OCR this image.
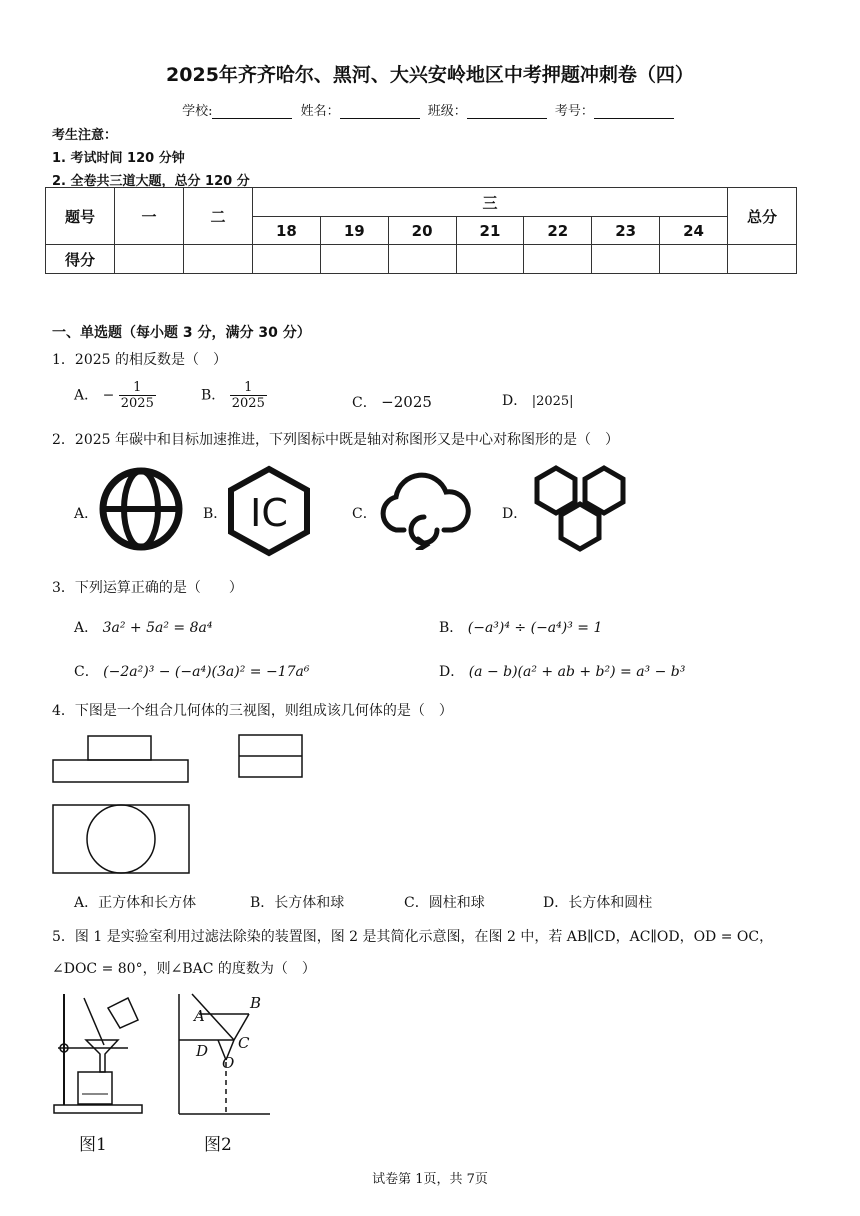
2025年齐齐哈尔、黑河、大兴安岭地区中考押题冲刺卷（四）
学校:	姓名：	班级：	考号：
考生注意：
1. 考试时间 120 分钟
2. 全卷共三道大题，总分 120 分
题号	一	二	三							总分
			18	19	20	21	22	23	24	
得分										
一、单选题（每小题 3 分，满分 30 分）
1．2025 的相反数是（　）
A． − $\frac{1}{2025}$	B． $\frac{1}{2025}$	C． −2025	D． |2025|
2．2025 年碳中和目标加速推进，下列图标中既是轴对称图形又是中心对称图形的是（　）
A．	B． IC	C．	D．
3．下列运算正确的是（　　）
A． 3a² + 5a² = 8a⁴	B． (−a³)⁴ ÷ (−a⁴)³ = 1
C． (−2a²)³ − (−a⁴)(3a)² = −17a⁶	D． (a − b)(a² + ab + b²) = a³ − b³
4．下图是一个组合几何体的三视图，则组成该几何体的是（　）
A．正方体和长方体	B．长方体和球	C．圆柱和球	D．长方体和圆柱
5．图 1 是实验室利用过滤法除染的装置图，图 2 是其简化示意图，在图 2 中，若 AB∥CD，AC∥OD，OD = OC，
∠DOC = 80°，则∠BAC 的度数为（　）
图1
B
A
C
D
O
图2
试卷第 1页，共 7页
